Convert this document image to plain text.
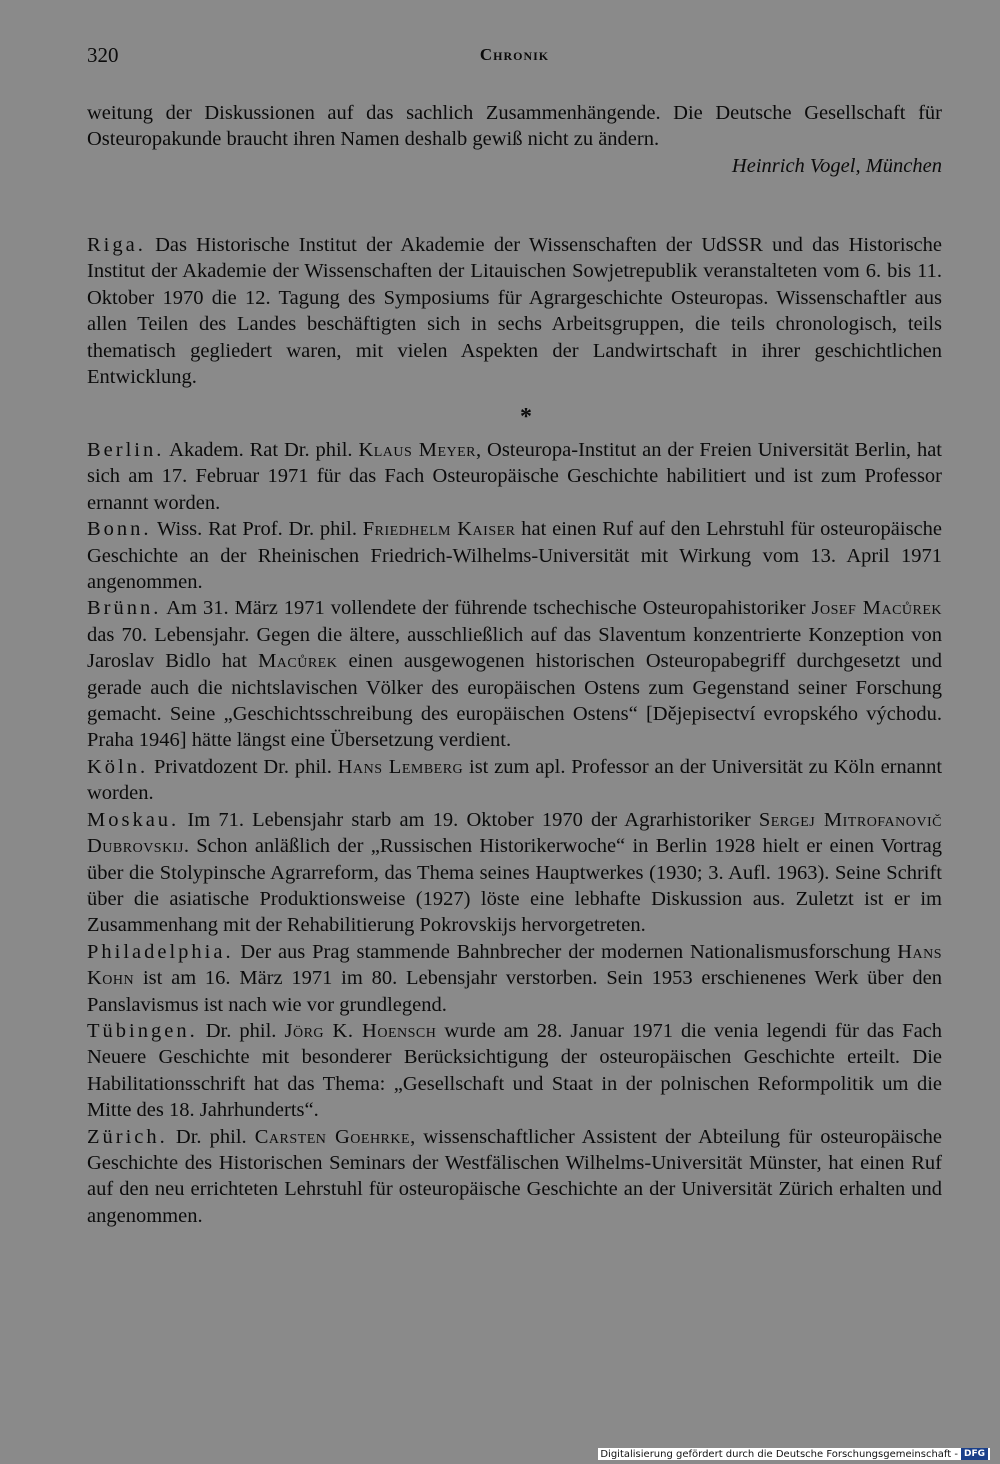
320	Chronik

weitung der Diskussionen auf das sachlich Zusammenhängende. Die Deutsche Gesellschaft für Osteuropakunde braucht ihren Namen deshalb gewiß nicht zu ändern.

Heinrich Vogel, München

Riga. Das Historische Institut der Akademie der Wissenschaften der UdSSR und das Historische Institut der Akademie der Wissenschaften der Litauischen Sowjetrepublik veranstalteten vom 6. bis 11. Oktober 1970 die 12. Tagung des Symposiums für Agrargeschichte Osteuropas. Wissenschaftler aus allen Teilen des Landes beschäftigten sich in sechs Arbeitsgruppen, die teils chronologisch, teils thematisch gegliedert waren, mit vielen Aspekten der Landwirtschaft in ihrer geschichtlichen Entwicklung.

*

Berlin. Akadem. Rat Dr. phil. Klaus Meyer, Osteuropa-Institut an der Freien Universität Berlin, hat sich am 17. Februar 1971 für das Fach Osteuropäische Geschichte habilitiert und ist zum Professor ernannt worden.

Bonn. Wiss. Rat Prof. Dr. phil. Friedhelm Kaiser hat einen Ruf auf den Lehrstuhl für osteuropäische Geschichte an der Rheinischen Friedrich-Wilhelms-Universität mit Wirkung vom 13. April 1971 angenommen.

Brünn. Am 31. März 1971 vollendete der führende tschechische Osteuropahistoriker Josef Macůrek das 70. Lebensjahr. Gegen die ältere, ausschließlich auf das Slaventum konzentrierte Konzeption von Jaroslav Bidlo hat Macůrek einen ausgewogenen historischen Osteuropabegriff durchgesetzt und gerade auch die nichtslavischen Völker des europäischen Ostens zum Gegenstand seiner Forschung gemacht. Seine „Geschichtsschreibung des europäischen Ostens“ [Dějepisectví evropského východu. Praha 1946] hätte längst eine Übersetzung verdient.

Köln. Privatdozent Dr. phil. Hans Lemberg ist zum apl. Professor an der Universität zu Köln ernannt worden.

Moskau. Im 71. Lebensjahr starb am 19. Oktober 1970 der Agrarhistoriker Sergej Mitrofanovič Dubrovskij. Schon anläßlich der „Russischen Historikerwoche“ in Berlin 1928 hielt er einen Vortrag über die Stolypinsche Agrarreform, das Thema seines Hauptwerkes (1930; 3. Aufl. 1963). Seine Schrift über die asiatische Produktionsweise (1927) löste eine lebhafte Diskussion aus. Zuletzt ist er im Zusammenhang mit der Rehabilitierung Pokrovskijs hervorgetreten.

Philadelphia. Der aus Prag stammende Bahnbrecher der modernen Nationalismusforschung Hans Kohn ist am 16. März 1971 im 80. Lebensjahr verstorben. Sein 1953 erschienenes Werk über den Panslavismus ist nach wie vor grundlegend.

Tübingen. Dr. phil. Jörg K. Hoensch wurde am 28. Januar 1971 die venia legendi für das Fach Neuere Geschichte mit besonderer Berücksichtigung der osteuropäischen Geschichte erteilt. Die Habilitationsschrift hat das Thema: „Gesellschaft und Staat in der polnischen Reformpolitik um die Mitte des 18. Jahrhunderts“.

Zürich. Dr. phil. Carsten Goehrke, wissenschaftlicher Assistent der Abteilung für osteuropäische Geschichte des Historischen Seminars der Westfälischen Wilhelms-Universität Münster, hat einen Ruf auf den neu errichteten Lehrstuhl für osteuropäische Geschichte an der Universität Zürich erhalten und angenommen.

Digitalisierung gefördert durch die Deutsche Forschungsgemeinschaft - DFG
